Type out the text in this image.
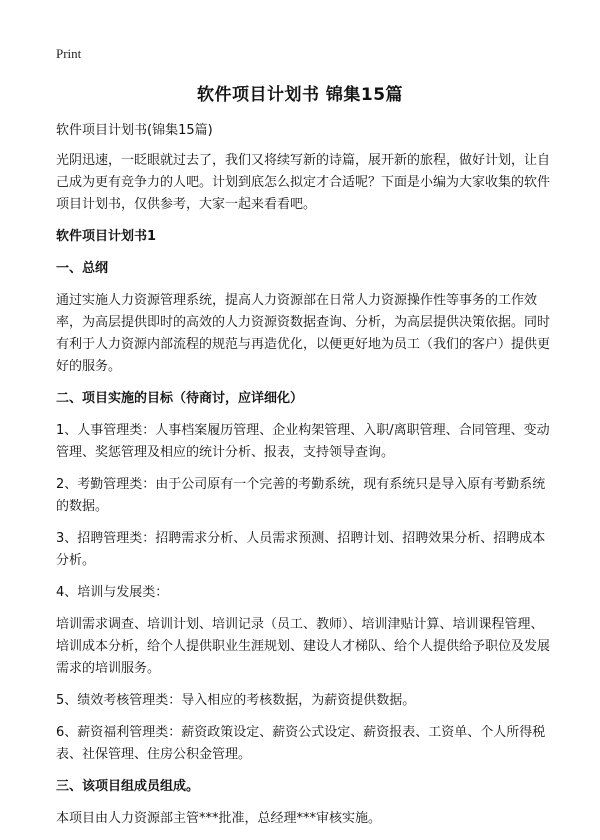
Print
软件项目计划书 锦集15篇

软件项目计划书(锦集15篇)

光阴迅速，一眨眼就过去了，我们又将续写新的诗篇，展开新的旅程，做好计划，让自己成为更有竞争力的人吧。计划到底怎么拟定才合适呢？下面是小编为大家收集的软件项目计划书，仅供参考，大家一起来看看吧。

软件项目计划书1
一、总纲

通过实施人力资源管理系统，提高人力资源部在日常人力资源操作性等事务的工作效率，为高层提供即时的高效的人力资源资数据查询、分析，为高层提供决策依据。同时有利于人力资源内部流程的规范与再造优化，以便更好地为员工（我们的客户）提供更好的服务。

二、项目实施的目标（待商讨，应详细化）

1、人事管理类：人事档案履历管理、企业构架管理、入职/离职管理、合同管理、变动管理、奖惩管理及相应的统计分析、报表，支持领导查询。

2、考勤管理类：由于公司原有一个完善的考勤系统，现有系统只是导入原有考勤系统的数据。

3、招聘管理类：招聘需求分析、人员需求预测、招聘计划、招聘效果分析、招聘成本分析。

4、培训与发展类：

培训需求调查、培训计划、培训记录（员工、教师）、培训津贴计算、培训课程管理、培训成本分析，给个人提供职业生涯规划、建设人才梯队、给个人提供给予职位及发展需求的培训服务。

5、绩效考核管理类：导入相应的考核数据，为薪资提供数据。

6、薪资福利管理类：薪资政策设定、薪资公式设定、薪资报表、工资单、个人所得税表、社保管理、住房公积金管理。

三、该项目组成员组成。

本项目由人力资源部主管***批准，总经理***审核实施。
